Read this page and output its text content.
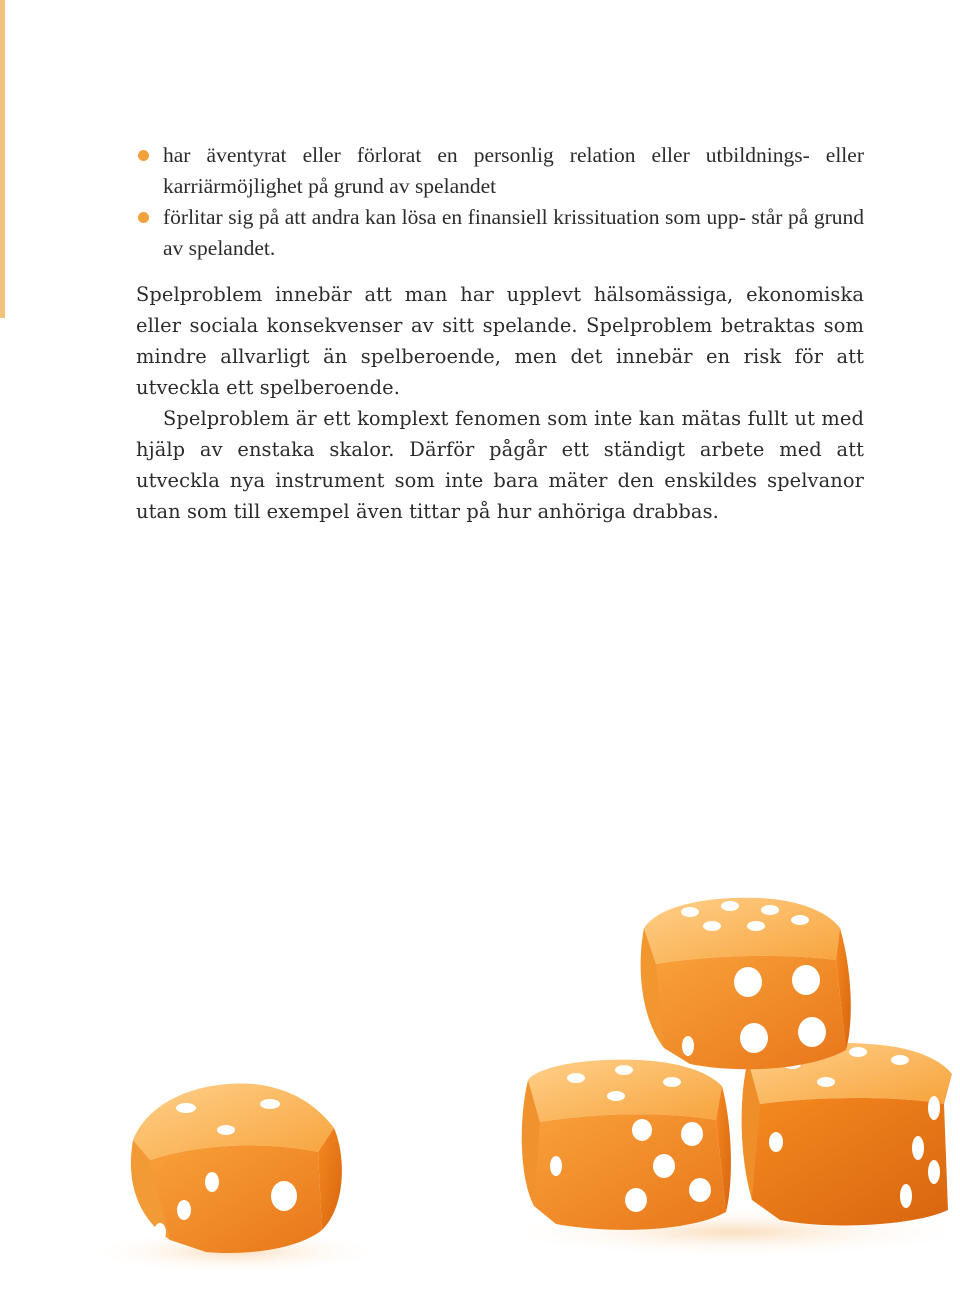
har äventyrat eller förlorat en personlig relation eller utbildnings- eller karriärmöjlighet på grund av spelandet
förlitar sig på att andra kan lösa en finansiell krissituation som upp- står på grund av spelandet.

Spelproblem innebär att man har upplevt hälsomässiga, ekonomiska eller sociala konsekvenser av sitt spelande. Spelproblem betraktas som mindre allvarligt än spelberoende, men det innebär en risk för att utveckla ett spelberoende.

Spelproblem är ett komplext fenomen som inte kan mätas fullt ut med hjälp av enstaka skalor. Därför pågår ett ständigt arbete med att utveckla nya instrument som inte bara mäter den enskildes spelvanor utan som till exempel även tittar på hur anhöriga drabbas.
